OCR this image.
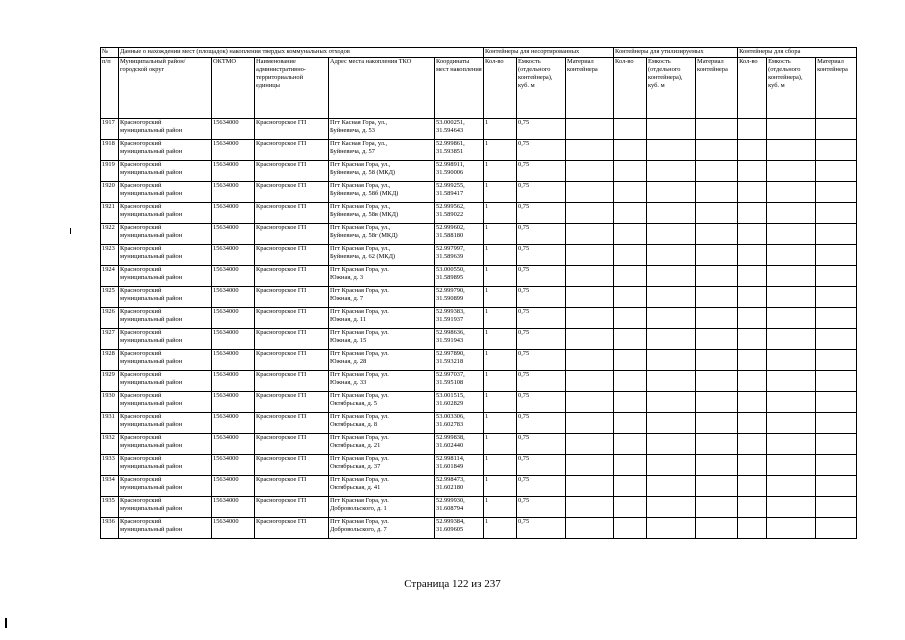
№	Данные о нахождении мест (площадок) накопления твердых коммунальных отходов					Контейнеры для несортированных			Контейнеры для утилизируемых			Контейнеры для сбора		
п/п	Муниципальный район/городской округ	ОКТМО	Наименование административно-территориальной единицы	Адрес места накопления ТКО	Координаты мест накопления	Кол-во	Емкость (отдельного контейнера), куб. м	Материал контейнера	Кол-во	Емкость (отдельного контейнера), куб. м	Материал контейнера	Кол-во	Емкость (отдельного контейнера), куб. м	Материал контейнера
1917	Красногорский
муниципальный район	15634000	Красногорское ГП	Пгт Касная Гора, ул.,
Буйневича, д. 53	53.000251,
31.594643	1	0,75							
1918	Красногорский
муниципальный район	15634000	Красногорское ГП	Пгт Касная Гора, ул.,
Буйневича, д. 57	52.999861,
31.593851	1	0,75							
1919	Красногорский
муниципальный район	15634000	Красногорское ГП	Пгт Красная Гора, ул.,
Буйневича, д. 58 (МКД)	52.998911,
31.590006	1	0,75							
1920	Красногорский
муниципальный район	15634000	Красногорское ГП	Пгт Красная Гора, ул.,
Буйневича, д. 58б (МКД)	52.999255,
31.589417	1	0,75							
1921	Красногорский
муниципальный район	15634000	Красногорское ГП	Пгт Красная Гора, ул.,
Буйневича, д. 58в (МКД)	52.999562,
31.589022	1	0,75							
1922	Красногорский
муниципальный район	15634000	Красногорское ГП	Пгт Красная Гора, ул.,
Буйневича, д. 58г (МКД)	52.999602,
31.588180	1	0,75							
1923	Красногорский
муниципальный район	15634000	Красногорское ГП	Пгт Красная Гора, ул.,
Буйневича, д. 62 (МКД)	52.997997,
31.589639	1	0,75							
1924	Красногорский
муниципальный район	15634000	Красногорское ГП	Пгт Красная Гора, ул.
Южная, д. 3	53.000550,
31.589895	1	0,75							
1925	Красногорский
муниципальный район	15634000	Красногорское ГП	Пгт Красная Гора, ул.
Южная, д. 7	52.999790,
31.590899	1	0,75							
1926	Красногорский
муниципальный район	15634000	Красногорское ГП	Пгт Красная Гора, ул.
Южная, д. 11	52.999383,
31.591937	1	0,75							
1927	Красногорский
муниципальный район	15634000	Красногорское ГП	Пгт Красная Гора, ул.
Южная, д. 15	52.998636,
31.591943	1	0,75							
1928	Красногорский
муниципальный район	15634000	Красногорское ГП	Пгт Красная Гора, ул.
Южная, д. 28	52.997890,
31.593218	1	0,75							
1929	Красногорский
муниципальный район	15634000	Красногорское ГП	Пгт Красная Гора, ул.
Южная, д. 33	52.997037,
31.595108	1	0,75							
1930	Красногорский
муниципальный район	15634000	Красногорское ГП	Пгт Красная Гора, ул.
Октябрьская, д. 5	53.001515,
31.602829	1	0,75							
1931	Красногорский
муниципальный район	15634000	Красногорское ГП	Пгт Красная Гора, ул.
Октябрьская, д. 8	53.003306,
31.602783	1	0,75							
1932	Красногорский
муниципальный район	15634000	Красногорское ГП	Пгт Красная Гора, ул.
Октябрьская, д. 21	52.999838,
31.602440	1	0,75							
1933	Красногорский
муниципальный район	15634000	Красногорское ГП	Пгт Красная Гора, ул.
Октябрьская, д. 37	52.998114,
31.601849	1	0,75							
1934	Красногорский
муниципальный район	15634000	Красногорское ГП	Пгт Красная Гора, ул.
Октябрьская, д. 41	52.998473,
31.602180	1	0,75							
1935	Красногорский
муниципальный район	15634000	Красногорское ГП	Пгт Красная Гора, ул.
Добровольского, д. 1	52.999930,
31.608794	1	0,75							
1936	Красногорский
муниципальный район	15634000	Красногорское ГП	Пгт Красная Гора, ул.
Добровольского, д. 7	52.999384,
31.609605	1	0,75							
Страница 122 из 237
